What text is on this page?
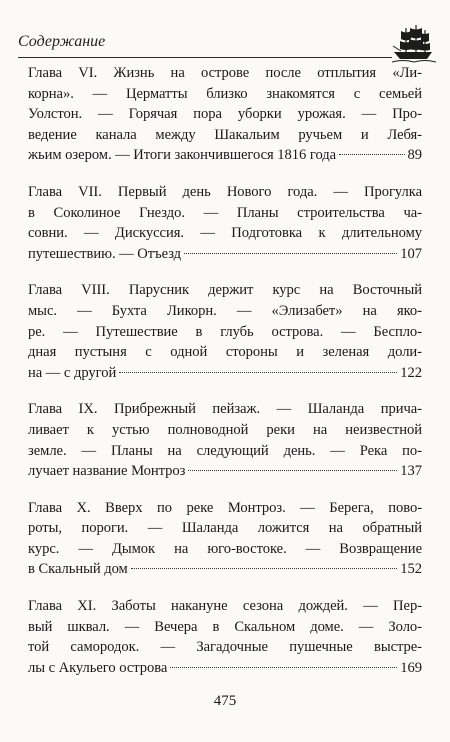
Содержание
Глава VI. Жизнь на острове после отплытия «Ли-
корна». — Церматты близко знакомятся с семьей
Уолстон. — Горячая пора уборки урожая. — Про-
ведение канала между Шакальим ручьем и Лебя-
жьим озером. — Итоги закончившегося 1816 года	89
Глава VII. Первый день Нового года. — Прогулка
в Соколиное Гнездо. — Планы строительства ча-
совни. — Дискуссия. — Подготовка к длительному
путешествию. — Отъезд	107
Глава VIII. Парусник держит курс на Восточный
мыс. — Бухта Ликорн. — «Элизабет» на яко-
ре. — Путешествие в глубь острова. — Беспло-
дная пустыня с одной стороны и зеленая доли-
на — с другой	122
Глава IX. Прибрежный пейзаж. — Шаланда прича-
ливает к устью полноводной реки на неизвестной
земле. — Планы на следующий день. — Река по-
лучает название Монтроз	137
Глава X. Вверх по реке Монтроз. — Берега, пово-
роты, пороги. — Шаланда ложится на обратный
курс. — Дымок на юго-востоке. — Возвращение
в Скальный дом	152
Глава XI. Заботы накануне сезона дождей. — Пер-
вый шквал. — Вечера в Скальном доме. — Золо-
той самородок. — Загадочные пушечные выстре-
лы с Акульего острова	169
475
